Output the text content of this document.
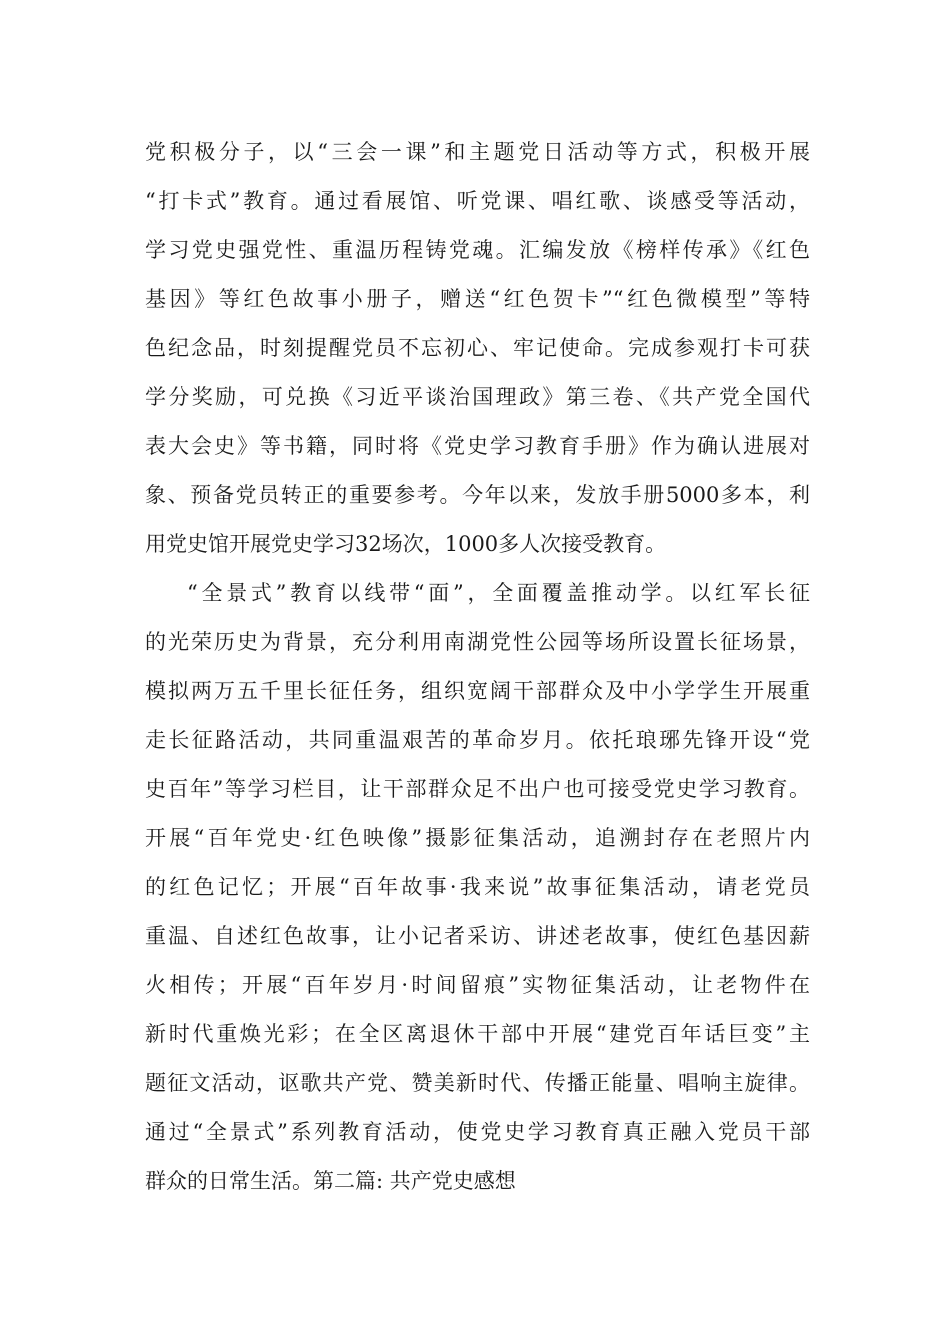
党积极分子，以“三会一课”和主题党日活动等方式，积极开展
“打卡式”教育。通过看展馆、听党课、唱红歌、谈感受等活动，
学习党史强党性、重温历程铸党魂。汇编发放《榜样传承》《红色
基因》等红色故事小册子，赠送“红色贺卡”“红色微模型”等特
色纪念品，时刻提醒党员不忘初心、牢记使命。完成参观打卡可获
学分奖励，可兑换《习近平谈治国理政》第三卷、《共产党全国代
表大会史》等书籍，同时将《党史学习教育手册》作为确认进展对
象、预备党员转正的重要参考。今年以来，发放手册5000多本，利
用党史馆开展党史学习32场次，1000多人次接受教育。
“全景式”教育以线带“面”，全面覆盖推动学。以红军长征
的光荣历史为背景，充分利用南湖党性公园等场所设置长征场景，
模拟两万五千里长征任务，组织宽阔干部群众及中小学学生开展重
走长征路活动，共同重温艰苦的革命岁月。依托琅琊先锋开设“党
史百年”等学习栏目，让干部群众足不出户也可接受党史学习教育。
开展“百年党史·红色映像”摄影征集活动，追溯封存在老照片内
的红色记忆；开展“百年故事·我来说”故事征集活动，请老党员
重温、自述红色故事，让小记者采访、讲述老故事，使红色基因薪
火相传；开展“百年岁月·时间留痕”实物征集活动，让老物件在
新时代重焕光彩；在全区离退休干部中开展“建党百年话巨变”主
题征文活动，讴歌共产党、赞美新时代、传播正能量、唱响主旋律。
通过“全景式”系列教育活动，使党史学习教育真正融入党员干部
群众的日常生活。第二篇: 共产党史感想
